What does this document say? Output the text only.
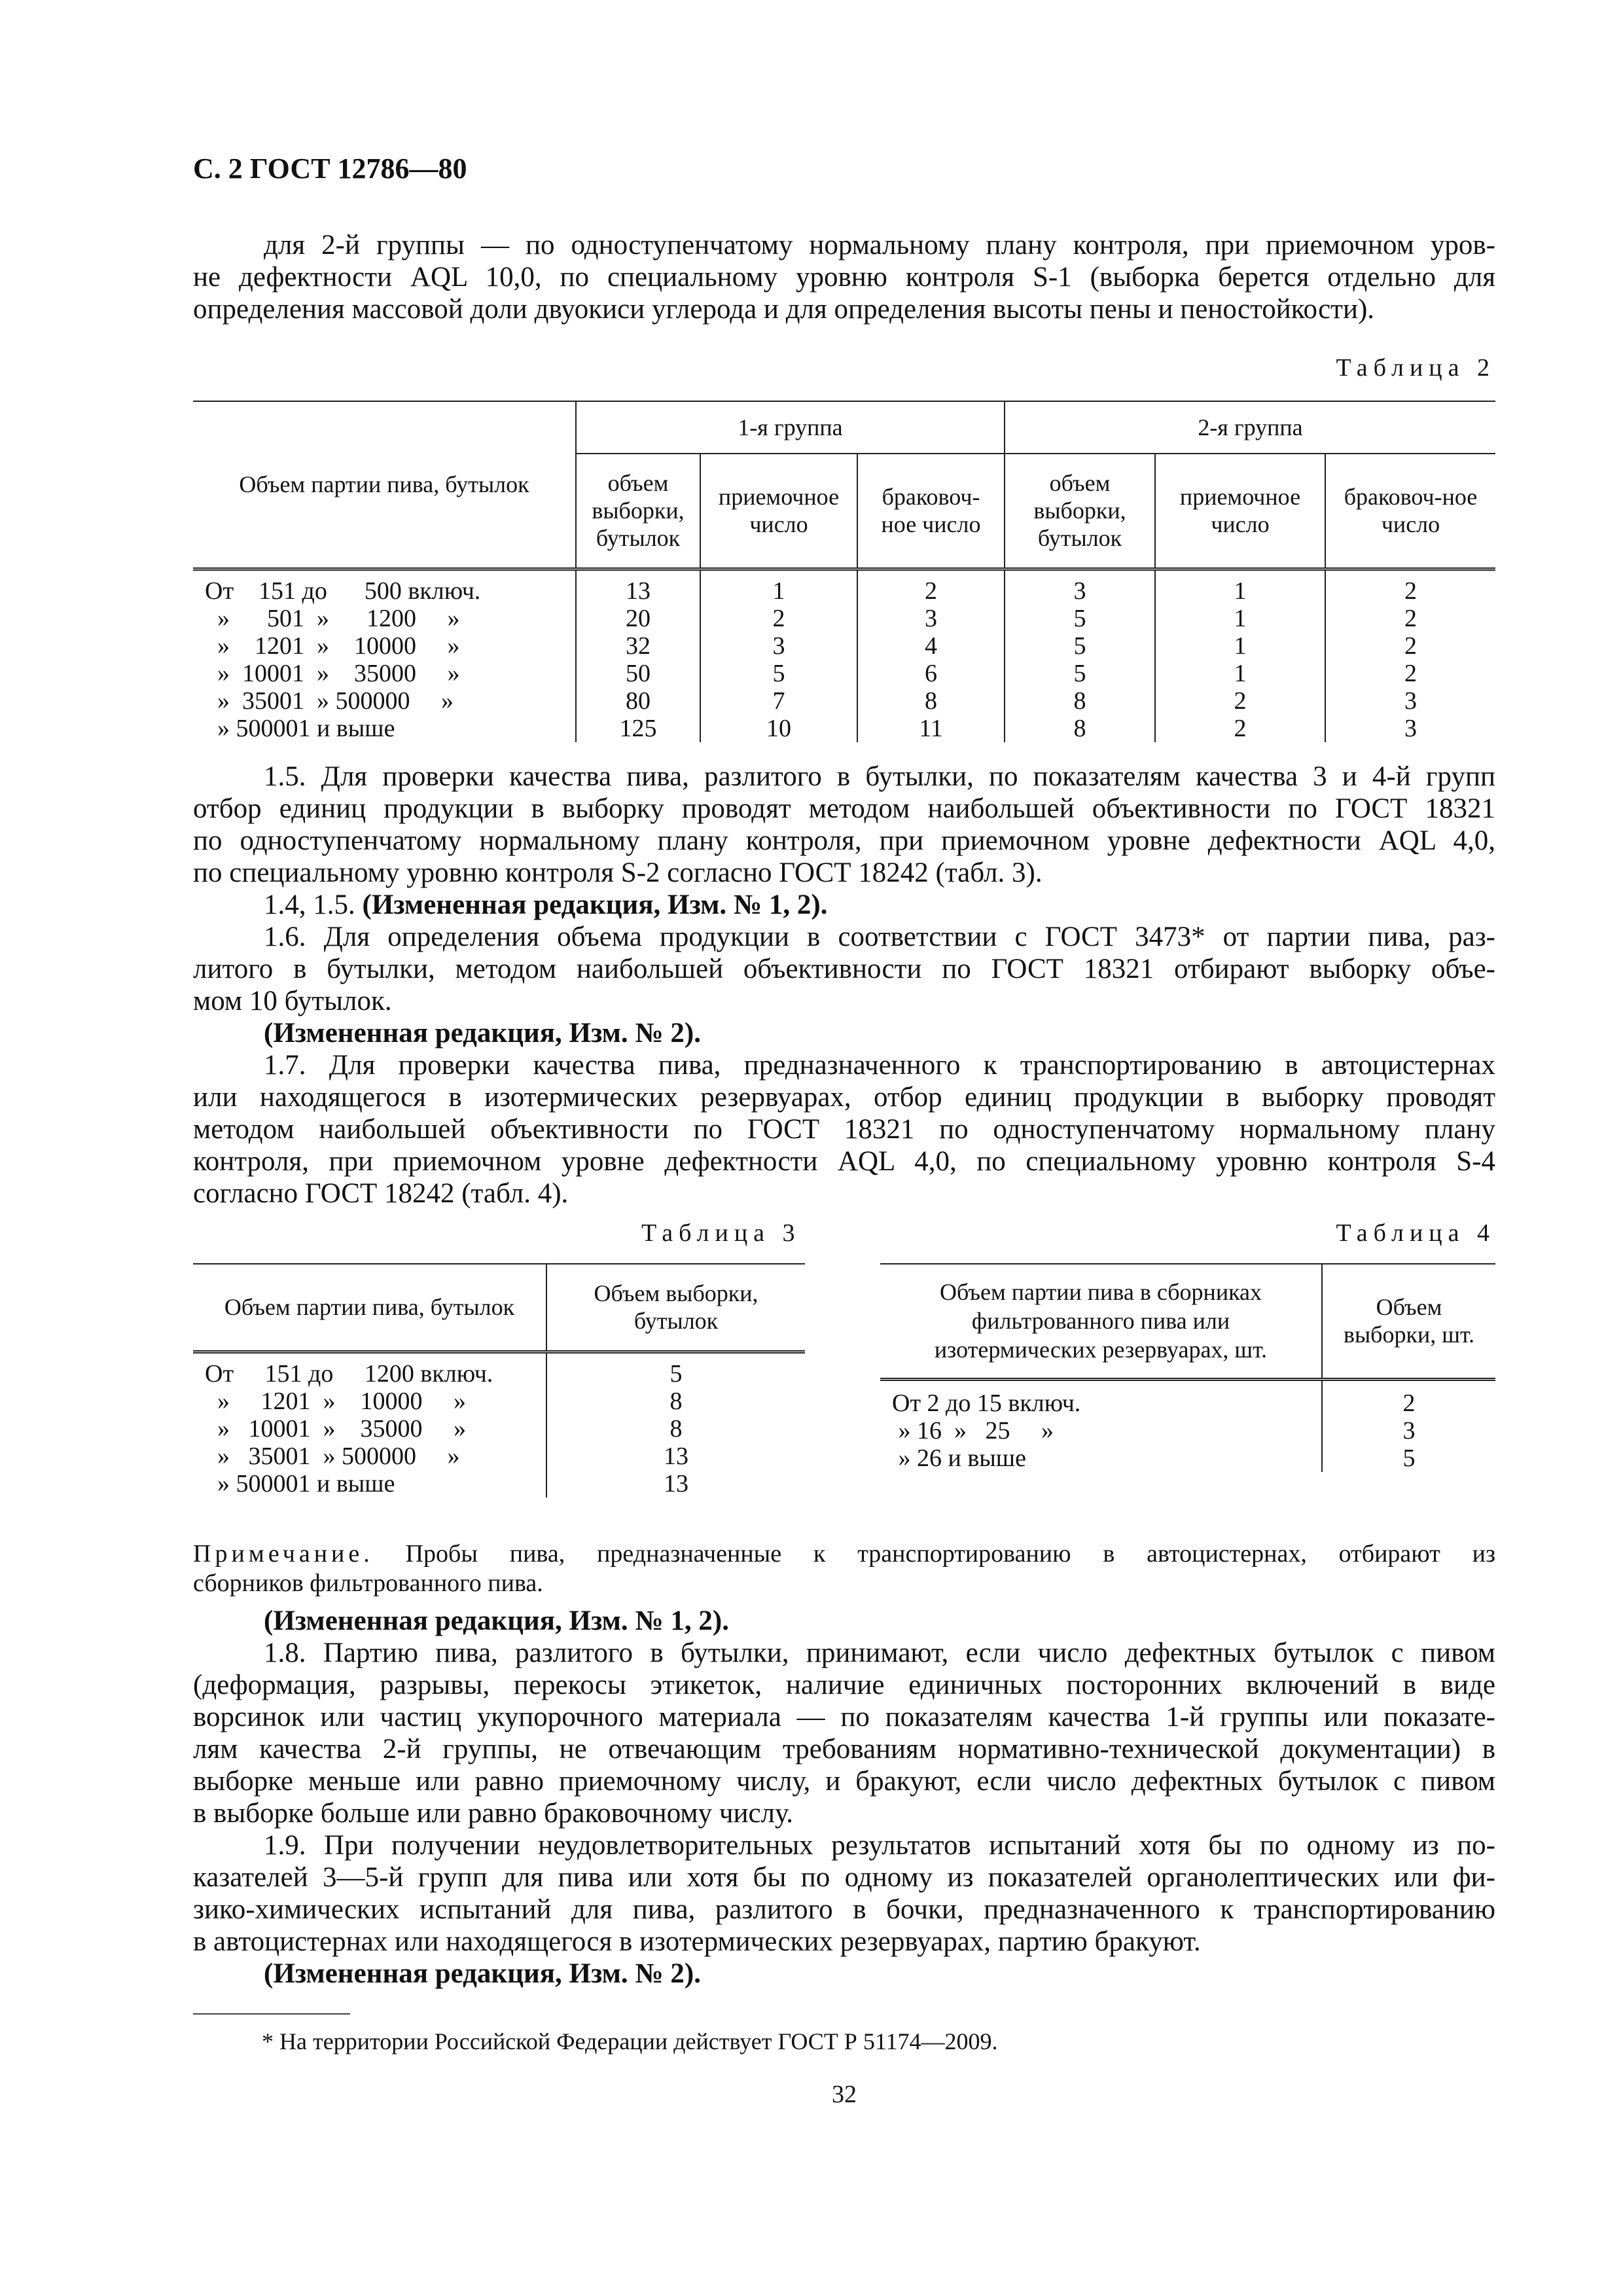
С. 2 ГОСТ 12786—80
для 2-й группы — по одноступенчатому нормальному плану контроля, при приемочном уров-
не дефектности AQL 10,0, по специальному уровню контроля S-1 (выборка берется отдельно для
определения массовой доли двуокиси углерода и для определения высоты пены и пеностойкости).
Таблица 2
Объем партии пива, бутылок	1-я группа			2-я группа		
	объем выборки, бутылок	приемочное число	браковоч-ное число	объем выборки, бутылок	приемочное число	браковоч-ное число
От    151 до      500 включ.	13	1	2	3	1	2
»      501  »      1200     »	20	2	3	5	1	2
»    1201  »    10000     »	32	3	4	5	1	2
»  10001  »    35000     »	50	5	6	5	1	2
»  35001  » 500000     »	80	7	8	8	2	3
» 500001 и выше	125	10	11	8	2	3
1.5. Для проверки качества пива, разлитого в бутылки, по показателям качества 3 и 4-й групп
отбор единиц продукции в выборку проводят методом наибольшей объективности по ГОСТ 18321
по одноступенчатому нормальному плану контроля, при приемочном уровне дефектности AQL 4,0,
по специальному уровню контроля S-2 согласно ГОСТ 18242 (табл. 3).
1.4, 1.5. (Измененная редакция, Изм. № 1, 2).
1.6. Для определения объема продукции в соответствии с ГОСТ 3473* от партии пива, раз-
литого в бутылки, методом наибольшей объективности по ГОСТ 18321 отбирают выборку объе-
мом 10 бутылок.
(Измененная редакция, Изм. № 2).
1.7. Для проверки качества пива, предназначенного к транспортированию в автоцистернах
или находящегося в изотермических резервуарах, отбор единиц продукции в выборку проводят
методом наибольшей объективности по ГОСТ 18321 по одноступенчатому нормальному плану
контроля, при приемочном уровне дефектности AQL 4,0, по специальному уровню контроля S-4
согласно ГОСТ 18242 (табл. 4).
Таблица 3
Объем партии пива, бутылок	Объем выборки, бутылок
От     151 до     1200 включ.	5
»     1201  »    10000     »	8
»   10001  »    35000     »	8
»   35001  » 500000     »	13
» 500001 и выше	13
Таблица 4
Объем партии пива в сборниках фильтрованного пива или изотермических резервуарах, шт.	Объем выборки, шт.

От 2 до 15 включ.	2
» 16  »   25     »	3
» 26 и выше	5
Примечание. Пробы пива, предназначенные к транспортированию в автоцистернах, отбирают из
сборников фильтрованного пива.
(Измененная редакция, Изм. № 1, 2).
1.8. Партию пива, разлитого в бутылки, принимают, если число дефектных бутылок с пивом
(деформация, разрывы, перекосы этикеток, наличие единичных посторонних включений в виде
ворсинок или частиц укупорочного материала — по показателям качества 1-й группы или показате-
лям качества 2-й группы, не отвечающим требованиям нормативно-технической документации) в
выборке меньше или равно приемочному числу, и бракуют, если число дефектных бутылок с пивом
в выборке больше или равно браковочному числу.
1.9. При получении неудовлетворительных результатов испытаний хотя бы по одному из по-
казателей 3—5-й групп для пива или хотя бы по одному из показателей органолептических или фи-
зико-химических испытаний для пива, разлитого в бочки, предназначенного к транспортированию
в автоцистернах или находящегося в изотермических резервуарах, партию бракуют.
(Измененная редакция, Изм. № 2).
* На территории Российской Федерации действует ГОСТ Р 51174—2009.
32
